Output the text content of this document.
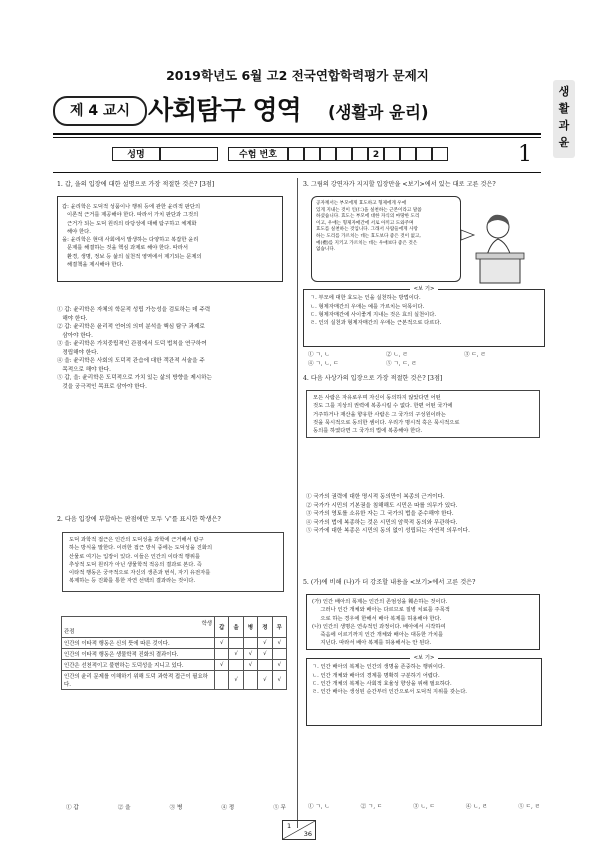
2019학년도 6월 고2 전국연합학력평가 문제지
제 4 교시 사회탐구 영역 (생활과 윤리)
생
활
과
윤
성명	수험 번호	2	1
1. 갑, 을의 입장에 대한 설명으로 가장 적절한 것은? [3점]
갑: 윤리학은 도덕적 성품이나 행위 등에 관한 윤리적 판단의
이론적 근거를 제공해야 한다. 따라서 가치 판단과 그것의
근거가 되는 도덕 원리의 타당성에 대해 탐구하고 체계화
해야 한다.
을: 윤리학은 현대 사회에서 발생하는 다양하고 복잡한 윤리
문제를 해결하는 것을 핵심 과제로 해야 한다. 따라서
환경, 생명, 정보 등 삶의 실천적 영역에서 제기되는 문제의
해결책을 제시해야 한다.
① 갑: 윤리학은 자체의 학문적 성립 가능성을 검토하는 데 주력
해야 한다.
② 갑: 윤리학은 윤리적 언어의 의미 분석을 핵심 탐구 과제로
삼아야 한다.
③ 을: 윤리학은 가치중립적인 관점에서 도덕 법칙을 연구하여
정립해야 한다.
④ 을: 윤리학은 사회의 도덕적 관습에 대한 객관적 서술을 주
목적으로 해야 한다.
⑤ 갑, 을: 윤리학은 도덕적으로 가치 있는 삶의 방향을 제시하는
것을 궁극적인 목표로 삼아야 한다.
2. 다음 입장에 부합하는 판점에만 모두 '√'를 표시한 학생은?
도덕 과학적 접근은 인간의 도덕성을 과학에 근거해서 탐구
하는 방식을 말한다. 이러한 접근 방식 중에는 도덕성을 진화의
산물로 여기는 입장이 있다. 이들은 인간의 이타적 행위를
추상적 도덕 원리가 아닌 생물학적 적응의 결과로 본다. 즉
이타적 행동은 궁극적으로 자신의 생존과 번식, 자기 유전자를
복제하는 등 진화를 통한 자연 선택의 결과라는 것이다.
학생
관점	갑	을	병	정	무
인간의 이타적 행동은 신의 뜻에 따른 것이다.	√			√	√
인간의 이타적 행동은 생물학적 진화의 결과이다.		√	√	√	
인간은 선천적이고 불변하는 도덕성을 지니고 있다.	√		√		√
인간의 윤리 문제를 이해하기 위해 도덕 과학적 접근이 필요하다.		√		√	√
① 갑	② 을	③ 병	④ 정	⑤ 무
3. 그림의 강연자가 지지할 입장만을 <보기>에서 있는 대로 고른 것은?
공자께서는 부모에게 효도하고 형제에게 우애
있게 지내는 것이 인(仁)을 실천하는 근본이라고 말씀
하셨습니다. 효도는 부모에 대한 자식의 마땅한 도리
이고, 우애는 형제자매간에 서로 아끼고 도와주며
효도를 실천하는 것입니다. 그래서 사람들에게 사랑
하는 도리를 가르치는 데는 효도보다 좋은 것이 없고,
예(禮)를 지키고 가르치는 데는 우애보다 좋은 것은
없습니다.
<보 기>
ㄱ. 부모에 대한 효도는 인을 실천하는 방법이다.
ㄴ. 형제자매간의 우애는 예를 가르치는 덕목이다.
ㄷ. 형제자매간에 사이좋게 지내는 것은 효의 실천이다.
ㄹ. 인의 실천과 형제자매간의 우애는 근본적으로 다르다.
① ㄱ, ㄴ	② ㄴ, ㄹ	③ ㄷ, ㄹ
④ ㄱ, ㄴ, ㄷ	⑤ ㄱ, ㄷ, ㄹ
4. 다음 사상가의 입장으로 가장 적절한 것은? [3점]
모든 사람은 자유로우며 자신이 동의하지 않았다면 어떤
것도 그를 지상의 권력에 복종시킬 수 없다. 한편 어떤 국가에
거주하거나 재산을 향유한 사람은 그 국가의 구성원이라는
것을 묵시적으로 동의한 셈이다. 우리가 명시적 혹은 묵시적으로
동의를 하였다면 그 국가의 법에 복종해야 한다.
① 국가의 권력에 대한 명시적 동의만이 복종의 근거이다.
② 국가가 시민의 기본권을 침해해도 시민은 따를 의무가 있다.
③ 국가의 영토를 소유한 자는 그 국가의 법을 준수해야 한다.
④ 국가의 법에 복종하는 것은 시민의 암묵적 동의와 무관하다.
⑤ 국가에 대한 복종은 시민의 동의 없이 성립되는 자연적 의무이다.
5. (가)에 비해 (나)가 더 강조할 내용을 <보기>에서 고른 것은?
(가) 인간 배아의 폭제는 인간의 존엄성을 훼손하는 것이다.
그러나 인간 개체와 배아는 다르므로 질병 치료를 주목적
으로 하는 경우에 한해서 배아 복제를 허용해야 한다.
(나) 인간의 생명은 연속적인 과정이다. 배아에서 시작하여
죽음에 이르기까지 인간 개체와 배아는 대등한 가치를
지닌다. 따라서 배아 복제를 허용해서는 안 된다.
<보 기>
ㄱ. 인간 배아의 복제는 인간의 생명을 존중하는 행위이다.
ㄴ. 인간 개체와 배아의 경계를 명확히 구분하기 어렵다.
ㄷ. 인간 개체의 복제는 사회적 효율성 향상을 위해 필요하다.
ㄹ. 인간 배아는 생성된 순간부터 인간으로서 도덕적 지위를 갖는다.
① ㄱ, ㄴ	② ㄱ, ㄷ	③ ㄴ, ㄷ	④ ㄴ, ㄹ	⑤ ㄷ, ㄹ
1
36
